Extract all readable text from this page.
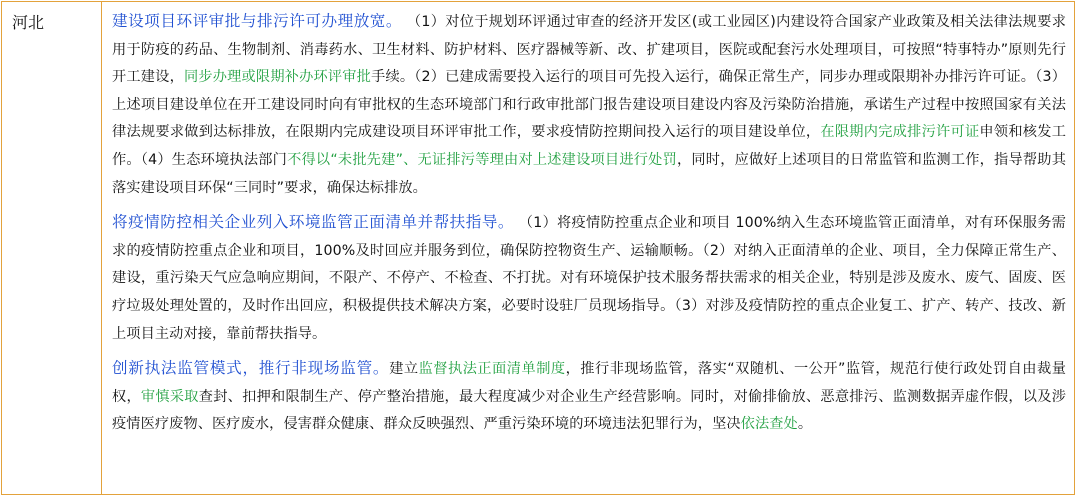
河北	建设项目环评审批与排污许可办理放宽。 （1）对位于规划环评通过审查的经济开发区(或工业园区)内建设符合国家产业政策及相关法律法规要求用于防疫的药品、生物制剂、消毒药水、卫生材料、防护材料、医疗器械等新、改、扩建项目，医院或配套污水处理项目，可按照“特事特办”原则先行开工建设，同步办理或限期补办环评审批手续。（2）已建成需要投入运行的项目可先投入运行，确保正常生产，同步办理或限期补办排污许可证。（3）上述项目建设单位在开工建设同时向有审批权的生态环境部门和行政审批部门报告建设项目建设内容及污染防治措施，承诺生产过程中按照国家有关法律法规要求做到达标排放，在限期内完成建设项目环评审批工作，要求疫情防控期间投入运行的项目建设单位，在限期内完成排污许可证申领和核发工作。（4）生态环境执法部门不得以“未批先建”、无证排污等理由对上述建设项目进行处罚，同时，应做好上述项目的日常监管和监测工作，指导帮助其落实建设项目环保“三同时”要求，确保达标排放。

将疫情防控相关企业列入环境监管正面清单并帮扶指导。 （1）将疫情防控重点企业和项目 100%纳入生态环境监管正面清单，对有环保服务需求的疫情防控重点企业和项目，100%及时回应并服务到位，确保防控物资生产、运输顺畅。（2）对纳入正面清单的企业、项目，全力保障正常生产、建设，重污染天气应急响应期间，不限产、不停产、不检查、不打扰。对有环境保护技术服务帮扶需求的相关企业，特别是涉及废水、废气、固废、医疗垃圾处理处置的，及时作出回应，积极提供技术解决方案，必要时设驻厂员现场指导。（3）对涉及疫情防控的重点企业复工、扩产、转产、技改、新上项目主动对接，靠前帮扶指导。

创新执法监管模式，推行非现场监管。建立监督执法正面清单制度，推行非现场监管，落实“双随机、一公开”监管，规范行使行政处罚自由裁量权，审慎采取查封、扣押和限制生产、停产整治措施，最大程度减少对企业生产经营影响。同时，对偷排偷放、恶意排污、监测数据弄虚作假，以及涉疫情医疗废物、医疗废水，侵害群众健康、群众反映强烈、严重污染环境的环境违法犯罪行为，坚决依法查处。
